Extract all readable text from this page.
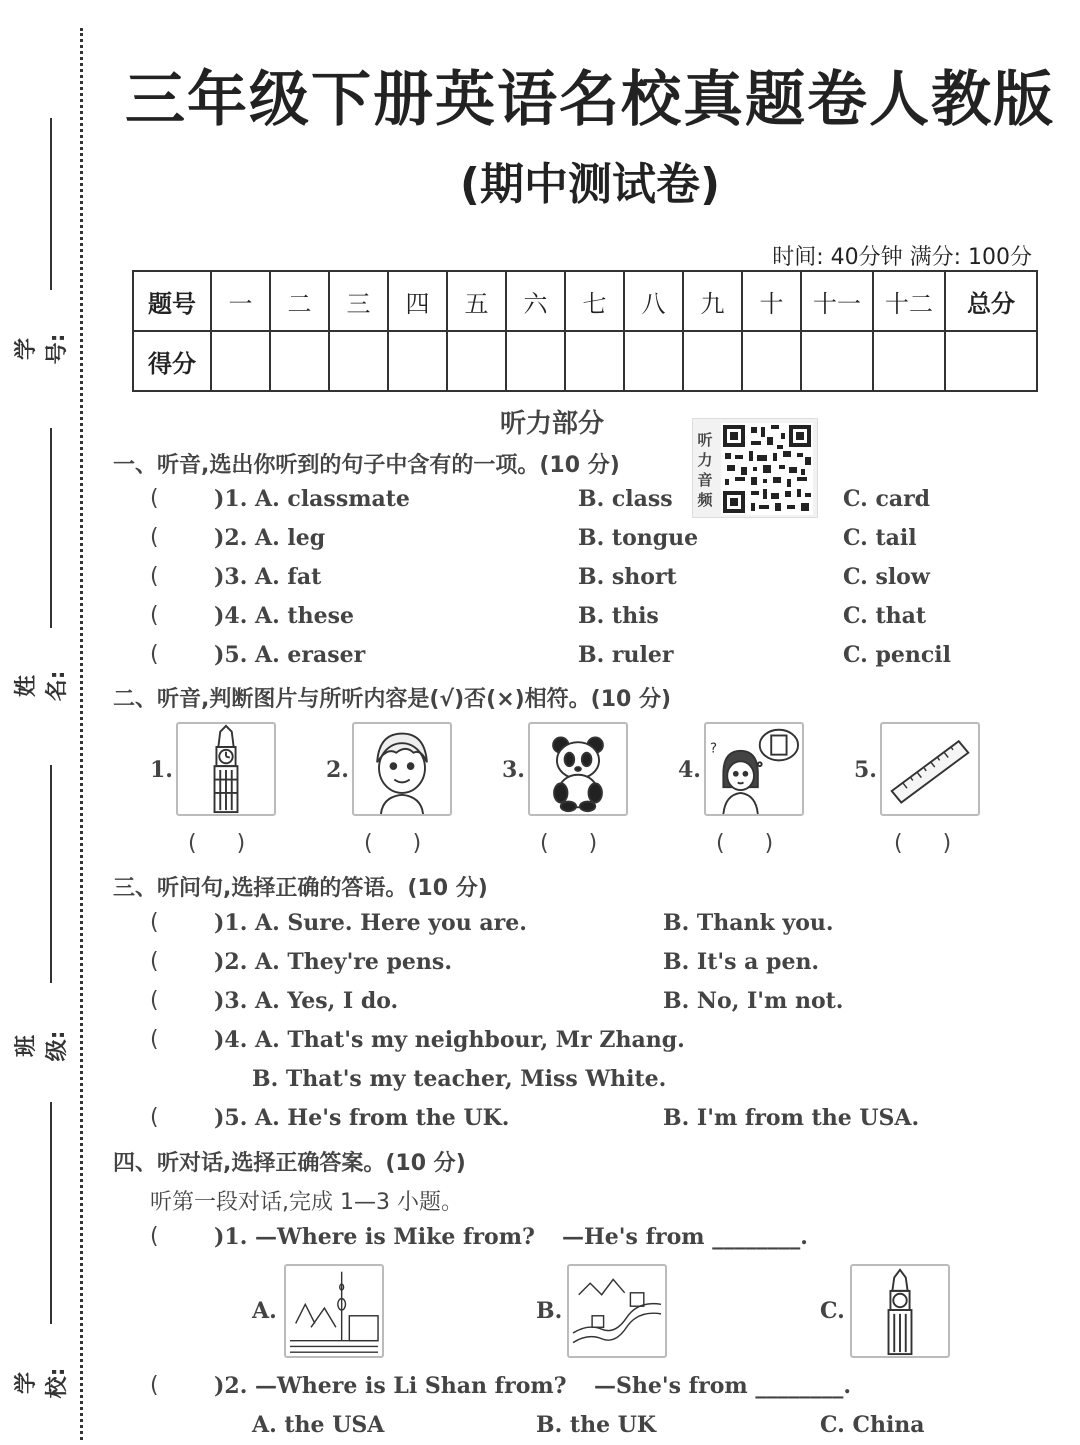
学号:
姓名:
班级:
学校:
三年级下册英语名校真题卷人教版
(期中测试卷)
时间: 40分钟 满分: 100分
题号	一	二	三	四	五	六	七	八	九	十	十一	十二	总分
得分													
听力部分
听力音频
一、听音,选出你听到的句子中含有的一项。(10 分)
(	)1. A. classmate	B. class	C. card
(	)2. A. leg	B. tongue	C. tail
(	)3. A. fat	B. short	C. slow
(	)4. A. these	B. this	C. that
(	)5. A. eraser	B. ruler	C. pencil
二、听音,判断图片与所听内容是(√)否(×)相符。(10 分)
1.	2.	3.	4.
?
5.
()	()	()	()	()
三、听问句,选择正确的答语。(10 分)
(	)1. A. Sure. Here you are.	B. Thank you.
(	)2. A. They're pens.	B. It's a pen.
(	)3. A. Yes, I do.	B. No, I'm not.
(	)4. A. That's my neighbour, Mr Zhang.
B. That's my teacher, Miss White.
(	)5. A. He's from the UK.	B. I'm from the USA.
四、听对话,选择正确答案。(10 分)
听第一段对话,完成 1—3 小题。
(	)1. —Where is Mike from? —He's from ________.
A.	B.	C.
(	)2. —Where is Li Shan from? —She's from ________.
A. the USA	B. the UK	C. China
